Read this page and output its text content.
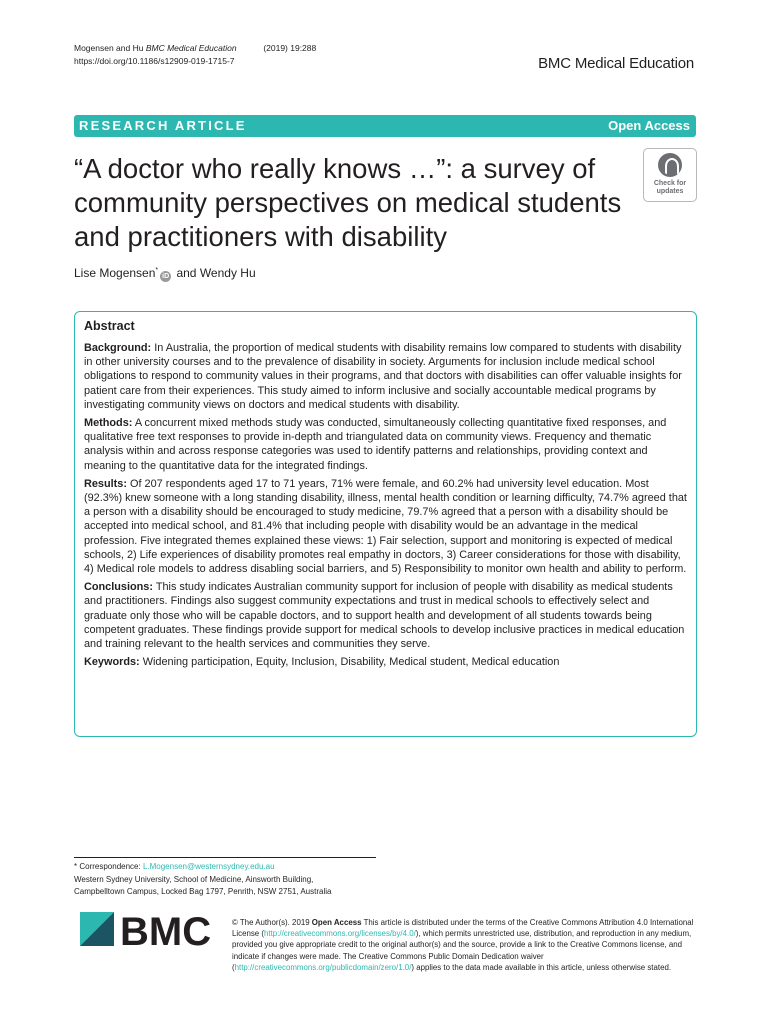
Mogensen and Hu BMC Medical Education	(2019) 19:288
https://doi.org/10.1186/s12909-019-1715-7	BMC Medical Education
RESEARCH ARTICLE	Open Access
“A doctor who really knows …”: a survey of community perspectives on medical students and practitioners with disability
Check for
updates
Lise Mogensen*iD and Wendy Hu
Abstract

Background: In Australia, the proportion of medical students with disability remains low compared to students with disability in other university courses and to the prevalence of disability in society. Arguments for inclusion include medical school obligations to respond to community values in their programs, and that doctors with disabilities can offer valuable insights for patient care from their experiences. This study aimed to inform inclusive and socially accountable medical programs by investigating community views on doctors and medical students with disability.

Methods: A concurrent mixed methods study was conducted, simultaneously collecting quantitative fixed responses, and qualitative free text responses to provide in-depth and triangulated data on community views. Frequency and thematic analysis within and across response categories was used to identify patterns and relationships, providing context and meaning to the quantitative data for the integrated findings.

Results: Of 207 respondents aged 17 to 71 years, 71% were female, and 60.2% had university level education. Most (92.3%) knew someone with a long standing disability, illness, mental health condition or learning difficulty, 74.7% agreed that a person with a disability should be encouraged to study medicine, 79.7% agreed that a person with a disability should be accepted into medical school, and 81.4% that including people with disability would be an advantage in the medical profession. Five integrated themes explained these views: 1) Fair selection, support and monitoring is expected of medical schools, 2) Life experiences of disability promotes real empathy in doctors, 3) Career considerations for those with disability, 4) Medical role models to address disabling social barriers, and 5) Responsibility to monitor own health and ability to perform.

Conclusions: This study indicates Australian community support for inclusion of people with disability as medical students and practitioners. Findings also suggest community expectations and trust in medical schools to effectively select and graduate only those who will be capable doctors, and to support health and development of all students towards being competent graduates. These findings provide support for medical schools to develop inclusive practices in medical education and training relevant to the health services and communities they serve.

Keywords: Widening participation, Equity, Inclusion, Disability, Medical student, Medical education

* Correspondence: L.Mogensen@westernsydney.edu.au
Western Sydney University, School of Medicine, Ainsworth Building,
Campbelltown Campus, Locked Bag 1797, Penrith, NSW 2751, Australia
BMC	© The Author(s). 2019 Open Access This article is distributed under the terms of the Creative Commons Attribution 4.0 International License (http://creativecommons.org/licenses/by/4.0/), which permits unrestricted use, distribution, and reproduction in any medium, provided you give appropriate credit to the original author(s) and the source, provide a link to the Creative Commons license, and indicate if changes were made. The Creative Commons Public Domain Dedication waiver (http://creativecommons.org/publicdomain/zero/1.0/) applies to the data made available in this article, unless otherwise stated.
